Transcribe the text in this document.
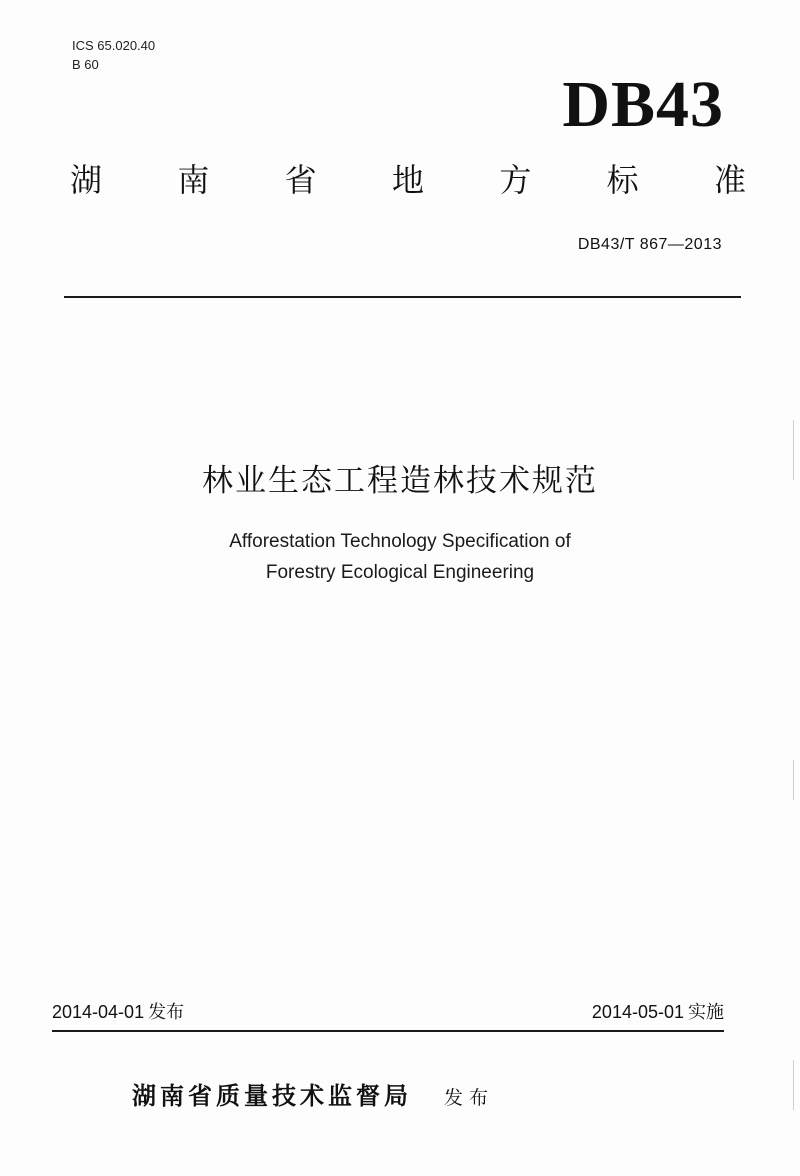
ICS 65.020.40
B 60
DB43
湖 南 省 地 方 标 准
DB43/T 867—2013
林业生态工程造林技术规范
Afforestation Technology Specification of
Forestry Ecological Engineering
2014-04-01 发布	2014-05-01 实施
湖南省质量技术监督局 发布
